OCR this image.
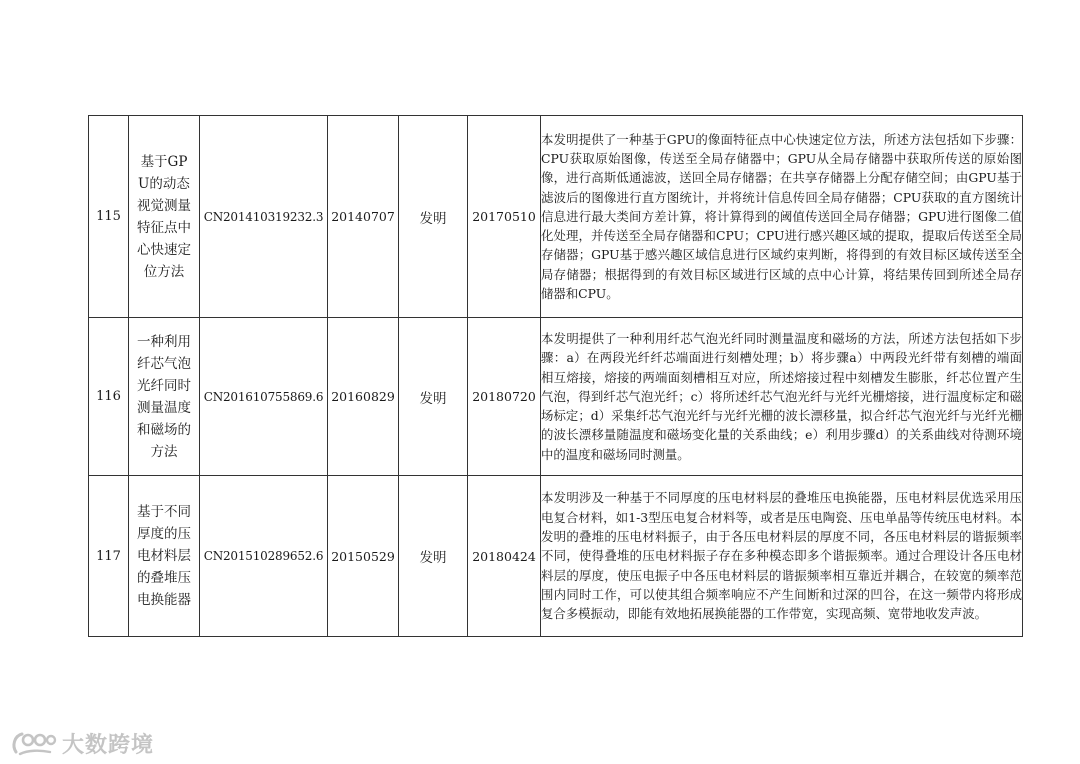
115	基于GPU的动态视觉测量特征点中心快速定位方法	CN201410319232.3	20140707	发明	20170510	本发明提供了一种基于GPU的像面特征点中心快速定位方法，所述方法包括如下步骤：CPU获取原始图像，传送至全局存储器中；GPU从全局存储器中获取所传送的原始图像，进行高斯低通滤波，送回全局存储器；在共享存储器上分配存储空间；由GPU基于滤波后的图像进行直方图统计，并将统计信息传回全局存储器；CPU获取的直方图统计信息进行最大类间方差计算，将计算得到的阈值传送回全局存储器；GPU进行图像二值化处理，并传送至全局存储器和CPU；CPU进行感兴趣区域的提取，提取后传送至全局存储器；GPU基于感兴趣区域信息进行区域约束判断，将得到的有效目标区域传送至全局存储器；根据得到的有效目标区域进行区域的点中心计算，将结果传回到所述全局存储器和CPU。
116	一种利用纤芯气泡光纤同时测量温度和磁场的方法	CN201610755869.6	20160829	发明	20180720	本发明提供了一种利用纤芯气泡光纤同时测量温度和磁场的方法，所述方法包括如下步骤：a）在两段光纤纤芯端面进行刻槽处理；b）将步骤a）中两段光纤带有刻槽的端面相互熔接，熔接的两端面刻槽相互对应，所述熔接过程中刻槽发生膨胀，纤芯位置产生气泡，得到纤芯气泡光纤；c）将所述纤芯气泡光纤与光纤光栅熔接，进行温度标定和磁场标定；d）采集纤芯气泡光纤与光纤光栅的波长漂移量，拟合纤芯气泡光纤与光纤光栅的波长漂移量随温度和磁场变化量的关系曲线；e）利用步骤d）的关系曲线对待测环境中的温度和磁场同时测量。
117	基于不同厚度的压电材料层的叠堆压电换能器	CN201510289652.6	20150529	发明	20180424	本发明涉及一种基于不同厚度的压电材料层的叠堆压电换能器，压电材料层优选采用压电复合材料，如1-3型压电复合材料等，或者是压电陶瓷、压电单晶等传统压电材料。本发明的叠堆的压电材料振子，由于各压电材料层的厚度不同，各压电材料层的谐振频率不同，使得叠堆的压电材料振子存在多种模态即多个谐振频率。通过合理设计各压电材料层的厚度，使压电振子中各压电材料层的谐振频率相互靠近并耦合，在较宽的频率范围内同时工作，可以使其组合频率响应不产生间断和过深的凹谷，在这一频带内将形成复合多模振动，即能有效地拓展换能器的工作带宽，实现高频、宽带地收发声波。
大数跨境
